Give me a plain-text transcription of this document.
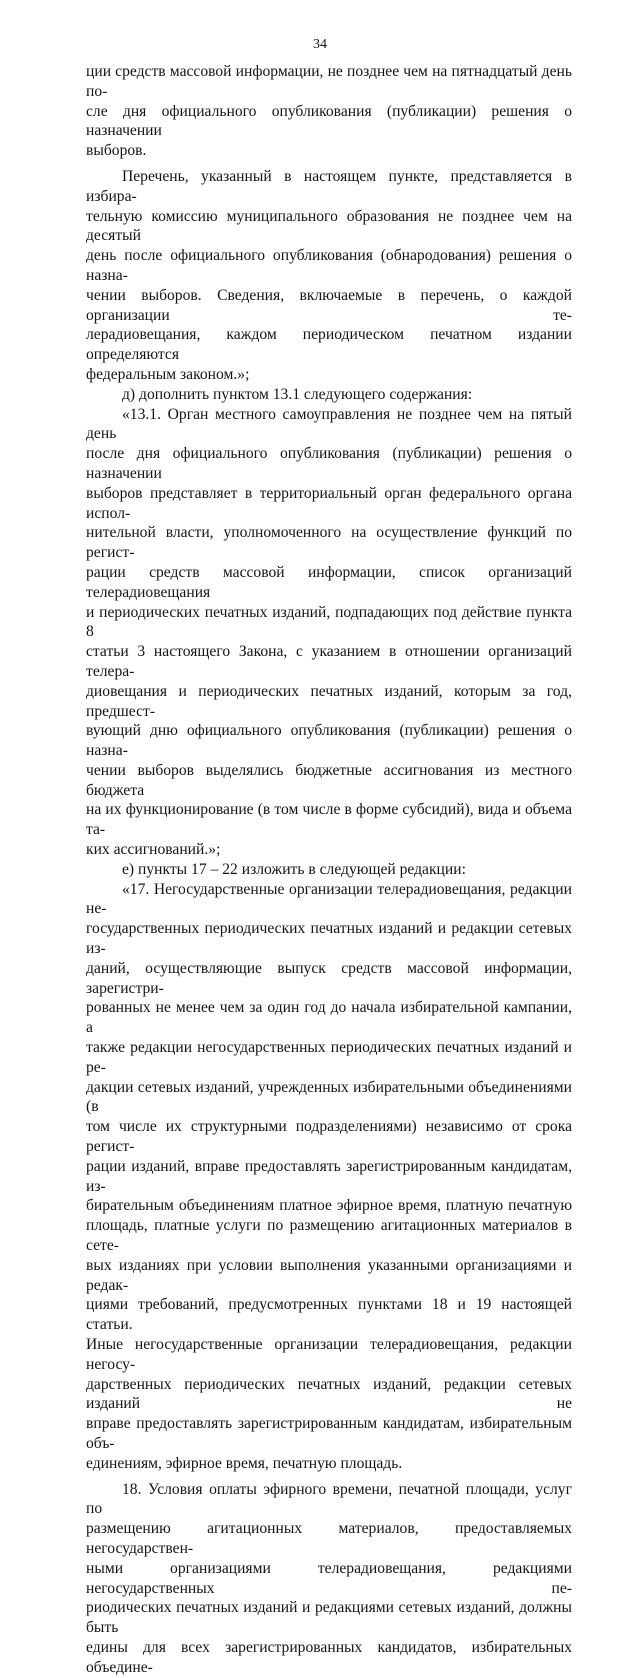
34

ции средств массовой информации, не позднее чем на пятнадцатый день по-

сле дня официального опубликования (публикации) решения о назначении

выборов.

Перечень, указанный в настоящем пункте, представляется в избира-

тельную комиссию муниципального образования не позднее чем на десятый

день после официального опубликования (обнародования) решения о назна-

чении выборов. Сведения, включаемые в перечень, о каждой организации те-

лерадиовещания, каждом периодическом печатном издании определяются

федеральным законом.»;

д) дополнить пунктом 13.1 следующего содержания:

«13.1. Орган местного самоуправления не позднее чем на пятый день

после дня официального опубликования (публикации) решения о назначении

выборов представляет в территориальный орган федерального органа испол-

нительной власти, уполномоченного на осуществление функций по регист-

рации средств массовой информации, список организаций телерадиовещания

и периодических печатных изданий, подпадающих под действие пункта 8

статьи 3 настоящего Закона, с указанием в отношении организаций телера-

диовещания и периодических печатных изданий, которым за год, предшест-

вующий дню официального опубликования (публикации) решения о назна-

чении выборов выделялись бюджетные ассигнования из местного бюджета

на их функционирование (в том числе в форме субсидий), вида и объема та-

ких ассигнований.»;

е) пункты 17 – 22 изложить в следующей редакции:

«17. Негосударственные организации телерадиовещания, редакции не-

государственных периодических печатных изданий и редакции сетевых из-

даний, осуществляющие выпуск средств массовой информации, зарегистри-

рованных не менее чем за один год до начала избирательной кампании, а

также редакции негосударственных периодических печатных изданий и ре-

дакции сетевых изданий, учрежденных избирательными объединениями (в

том числе их структурными подразделениями) независимо от срока регист-

рации изданий, вправе предоставлять зарегистрированным кандидатам, из-

бирательным объединениям платное эфирное время, платную печатную

площадь, платные услуги по размещению агитационных материалов в сете-

вых изданиях при условии выполнения указанными организациями и редак-

циями требований, предусмотренных пунктами 18 и 19 настоящей статьи.

Иные негосударственные организации телерадиовещания, редакции негосу-

дарственных периодических печатных изданий, редакции сетевых изданий не

вправе предоставлять зарегистрированным кандидатам, избирательным объ-

единениям, эфирное время, печатную площадь.

18. Условия оплаты эфирного времени, печатной площади, услуг по

размещению агитационных материалов, предоставляемых негосударствен-

ными организациями телерадиовещания, редакциями негосударственных пе-

риодических печатных изданий и редакциями сетевых изданий, должны быть

едины для всех зарегистрированных кандидатов, избирательных объедине-
